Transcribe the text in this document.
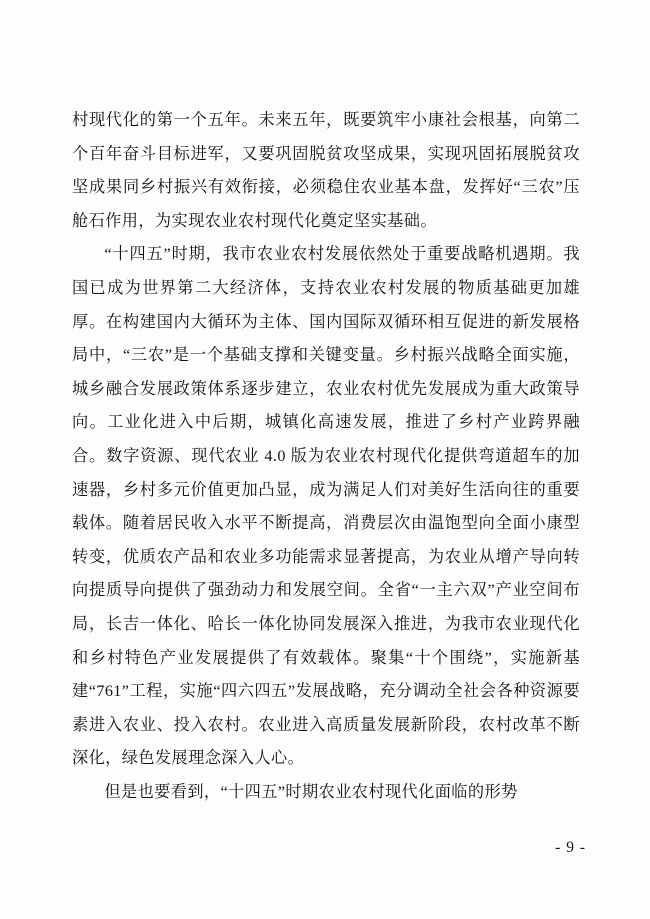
村现代化的第一个五年。未来五年，既要筑牢小康社会根基，向第二个百年奋斗目标进军，又要巩固脱贫攻坚成果，实现巩固拓展脱贫攻坚成果同乡村振兴有效衔接，必须稳住农业基本盘，发挥好“三农”压舱石作用，为实现农业农村现代化奠定坚实基础。

“十四五”时期，我市农业农村发展依然处于重要战略机遇期。我国已成为世界第二大经济体，支持农业农村发展的物质基础更加雄厚。在构建国内大循环为主体、国内国际双循环相互促进的新发展格局中，“三农”是一个基础支撑和关键变量。乡村振兴战略全面实施，城乡融合发展政策体系逐步建立，农业农村优先发展成为重大政策导向。工业化进入中后期，城镇化高速发展，推进了乡村产业跨界融合。数字资源、现代农业 4.0 版为农业农村现代化提供弯道超车的加速器，乡村多元价值更加凸显，成为满足人们对美好生活向往的重要载体。随着居民收入水平不断提高，消费层次由温饱型向全面小康型转变，优质农产品和农业多功能需求显著提高，为农业从增产导向转向提质导向提供了强劲动力和发展空间。全省“一主六双”产业空间布局，长吉一体化、哈长一体化协同发展深入推进，为我市农业现代化和乡村特色产业发展提供了有效载体。聚集“十个围绕”，实施新基建“761”工程，实施“四六四五”发展战略，充分调动全社会各种资源要素进入农业、投入农村。农业进入高质量发展新阶段，农村改革不断深化，绿色发展理念深入人心。

但是也要看到，“十四五”时期农业农村现代化面临的形势

- 9 -
